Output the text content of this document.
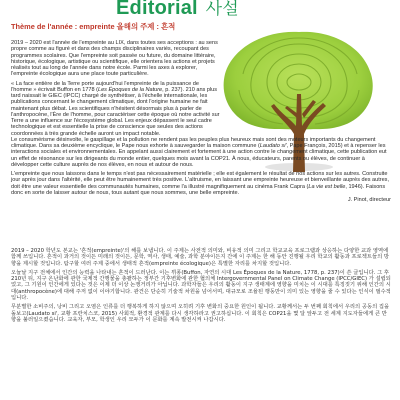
Editorial 사설
Thème de l'année : empreinte 올해의 주제 : 흔적

2019 – 2020 est l'année de l'empreinte au LIX, dans toutes ses acceptions : au sens propre comme au figuré et dans des champs disciplinaires variés, recoupant des programmes scolaires. Que l'empreinte soit passée ou future, du domaine littéraire, historique, écologique, artistique ou scientifique, elle orientera les actions et projets réalisés tout au long de l'année dans notre école. Parmi les axes à explorer, l'empreinte écologique aura une place toute particulière.

« La face entière de la Terre porte aujourd'hui l'empreinte de la puissance de l'homme » écrivait Buffon en 1778 (Les Époques de la Nature, p. 237). 210 ans plus tard naissait le GIEC (IPCC) chargé de synthétiser, à l'échelle internationale, les publications concernant le changement climatique, dont l'origine humaine ne fait maintenant plus débat. Les scientifiques n'hésitent désormais plus à parler de l'anthropocène, l'Ère de l'homme, pour caractériser cette époque où notre activité sur Terre a une influence sur l'écosystème global. Les enjeux dépassent le seul cadre technologique et est essentielle la prise de conscience que seules des actions coordonnées à très grande échelle auront un impact notable.

Le consumérisme désinvolte, le gaspillage et la pollution ne rendent pas les peuples plus heureux mais sont des moteurs importants du changement climatique. Dans sa deuxième encyclique, le Pape nous exhorte à sauvegarder la maison commune (Laudato si', Pape François, 2015) et à repenser les interactions sociales et environnementales. En appelant aussi clairement et fortement à une action contre le changement climatique, cette publication eut un effet de résonance sur les dirigeants du monde entier, quelques mois avant la COP21. À nous, éducateurs, parents ou élèves, de continuer à développer cette culture auprès de nos élèves, en nous et autour de nous.

L'empreinte que nous laissons dans le temps n'est pas nécessairement matérielle ; elle est également le résultat de nos actions sur les autres. Construite jour après jour dans l'altérité, elle peut être humainement très positive. L'altruisme, en laissant une empreinte heureuse et bienveillante auprès des autres, doit être une valeur essentielle des communautés humaines, comme l'a illustré magnifiquement au cinéma Frank Capra (La vie est belle, 1946). Faisons donc en sorte de laisser autour de nous, tous autant que nous sommes, une belle empreinte.

J. Pinot, directeur

2019 – 2020 학년도 본교는 '흔적(empreinte)'의 해를 보냅니다. 이 주제는 사전적 의미와, 비유적 의미 그리고 학교교육 프로그램과 상응하는 다양한 교과 영역에 함께 쓰입니다. 흔적이 과거의 것이든 미래의 것이든, 문학, 역사, 생태, 예술, 과학 분야이든지 간에 이 주제는 한 해 동안 진행될 우리 학교의 활동과 프로젝트들의 방향을 제시할 것입니다. 탐구할 여러 주제 중에서 생태적 흔적(empreinte écologique)은 특별한 자리를 차지할 것입니다.

오늘날 지구 전체에서 인간의 능력을 나타내는 흔적이 드러난다. 이는 뷔퐁(Buffon, 자연의 시대 Les Époques de la Nature, 1778, p. 237)이 쓴 글입니다. 그 후 210년 뒤, 지구 온난화에 관한 국제적 간행물을 총괄하는 정부간 기후변화에 관한 협의체 Intergovernmental Panel on Climate Change (IPCC/GIEC) 가 설립되었고, 그 기원이 인간에게 있다는 것은 이제 더 이상 논쟁거리가 아닙니다. 과학자들은 우리의 활동이 지구 생태계에 영향을 미치는 이 시대를 특징짓기 위해 인간의 시대(anthropocène)에 대해 주저 없이 이야기합니다. 관건은 단순히 기술적 차원을 넘어서며, 대규모로 조율된 행동만이 의미 있는 영향을 줄 수 있다는 인식이 필수적입니다.

무분별한 소비주의, 낭비 그리고 오염은 인류를 더 행복하게 하지 않으며 오히려 기후 변화의 중요한 원인이 됩니다. 교황께서는 두 번째 회칙에서 우리의 공동의 집을 돌보고(Laudato si', 교황 프란치스코, 2015) 사회적, 환경적 관계를 다시 생각하라고 권고하십니다. 이 회칙은 COP21을 몇 달 앞두고 전 세계 지도자들에게 큰 반향을 불러일으켰습니다. 교육자, 부모, 학생인 우리 모두가 이 문화를 계속 발전시켜 나갑시다.
